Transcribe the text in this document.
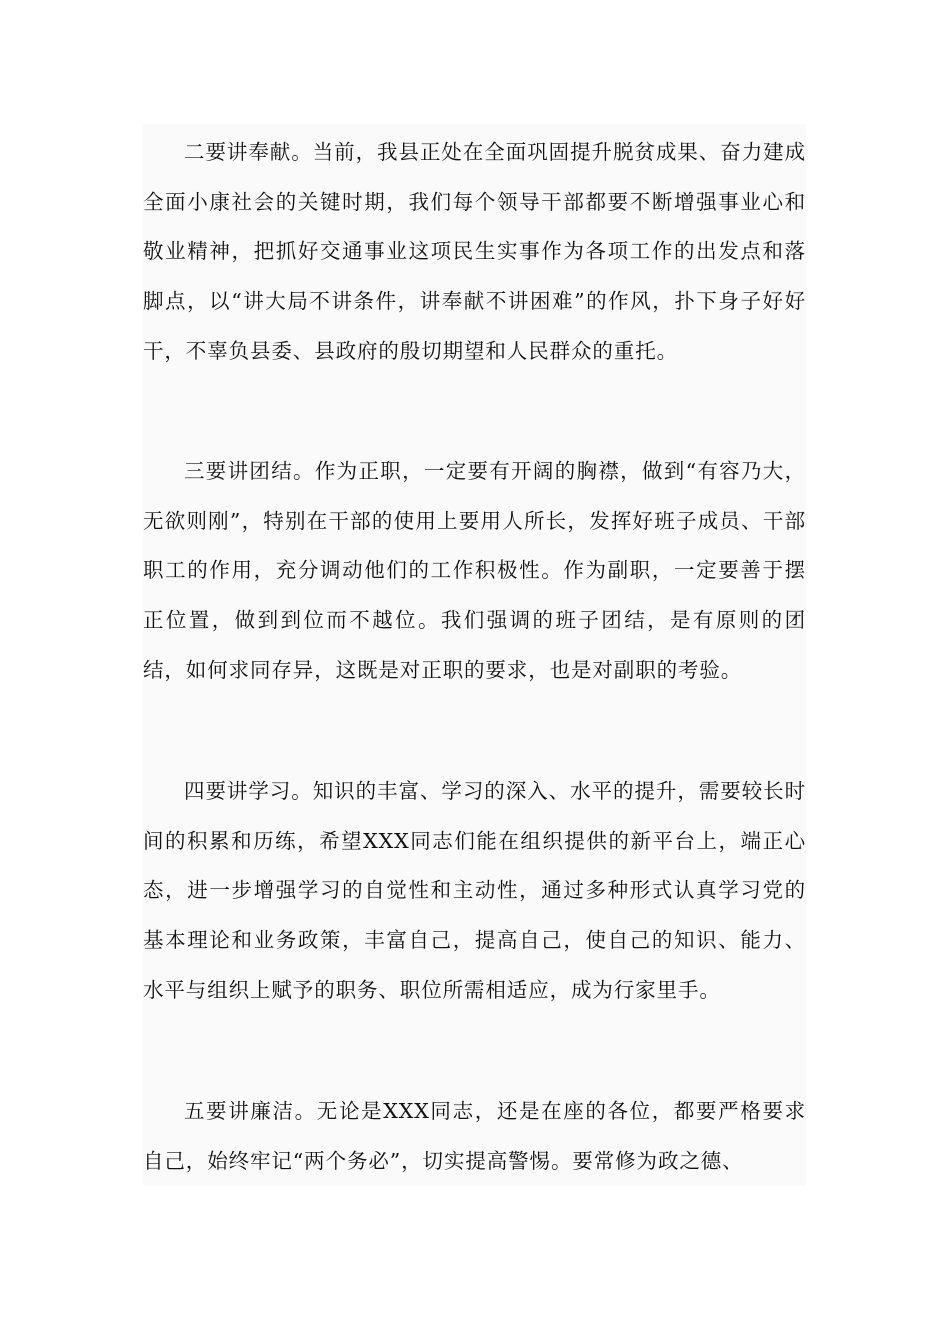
二要讲奉献。当前，我县正处在全面巩固提升脱贫成果、奋力建成全面小康社会的关键时期，我们每个领导干部都要不断增强事业心和敬业精神，把抓好交通事业这项民生实事作为各项工作的出发点和落脚点，以“讲大局不讲条件，讲奉献不讲困难”的作风，扑下身子好好干，不辜负县委、县政府的殷切期望和人民群众的重托。

三要讲团结。作为正职，一定要有开阔的胸襟，做到“有容乃大，无欲则刚”，特别在干部的使用上要用人所长，发挥好班子成员、干部职工的作用，充分调动他们的工作积极性。作为副职，一定要善于摆正位置，做到到位而不越位。我们强调的班子团结，是有原则的团结，如何求同存异，这既是对正职的要求，也是对副职的考验。

四要讲学习。知识的丰富、学习的深入、水平的提升，需要较长时间的积累和历练，希望XXX同志们能在组织提供的新平台上，端正心态，进一步增强学习的自觉性和主动性，通过多种形式认真学习党的基本理论和业务政策，丰富自己，提高自己，使自己的知识、能力、水平与组织上赋予的职务、职位所需相适应，成为行家里手。

五要讲廉洁。无论是XXX同志，还是在座的各位，都要严格要求自己，始终牢记“两个务必”，切实提高警惕。要常修为政之德、
